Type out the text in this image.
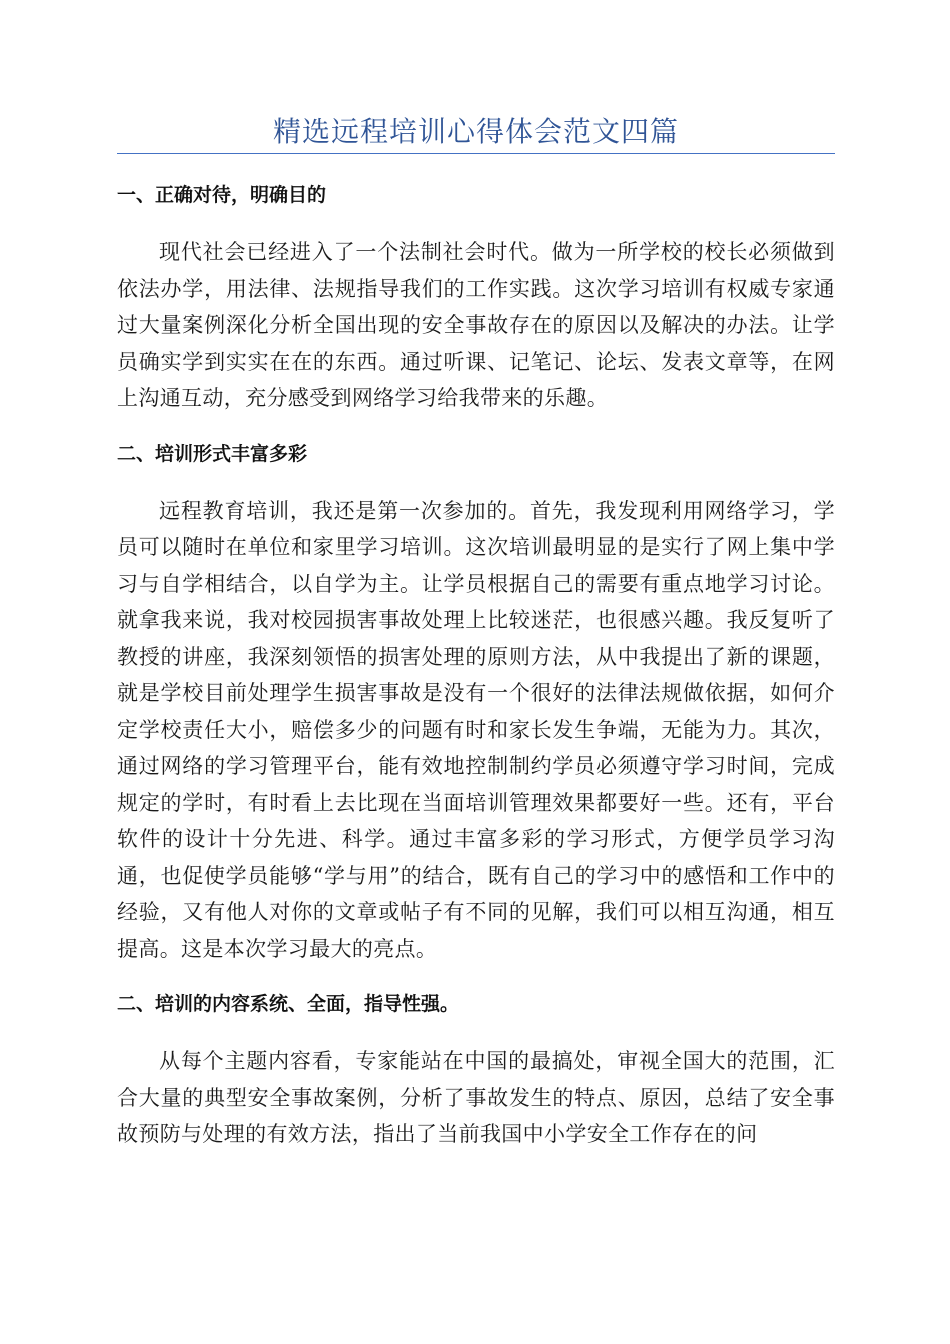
精选远程培训心得体会范文四篇
一、正确对待，明确目的

现代社会已经进入了一个法制社会时代。做为一所学校的校长必须做到依法办学，用法律、法规指导我们的工作实践。这次学习培训有权威专家通过大量案例深化分析全国出现的安全事故存在的原因以及解决的办法。让学员确实学到实实在在的东西。通过听课、记笔记、论坛、发表文章等，在网上沟通互动，充分感受到网络学习给我带来的乐趣。

二、培训形式丰富多彩

远程教育培训，我还是第一次参加的。首先，我发现利用网络学习，学员可以随时在单位和家里学习培训。这次培训最明显的是实行了网上集中学习与自学相结合，以自学为主。让学员根据自己的需要有重点地学习讨论。就拿我来说，我对校园损害事故处理上比较迷茫，也很感兴趣。我反复听了教授的讲座，我深刻领悟的损害处理的原则方法，从中我提出了新的课题，就是学校目前处理学生损害事故是没有一个很好的法律法规做依据，如何介定学校责任大小，赔偿多少的问题有时和家长发生争端，无能为力。其次，通过网络的学习管理平台，能有效地控制制约学员必须遵守学习时间，完成规定的学时，有时看上去比现在当面培训管理效果都要好一些。还有，平台软件的设计十分先进、科学。通过丰富多彩的学习形式，方便学员学习沟通，也促使学员能够“学与用”的结合，既有自己的学习中的感悟和工作中的经验，又有他人对你的文章或帖子有不同的见解，我们可以相互沟通，相互提高。这是本次学习最大的亮点。

二、培训的内容系统、全面，指导性强。

从每个主题内容看，专家能站在中国的最搞处，审视全国大的范围，汇合大量的典型安全事故案例，分析了事故发生的特点、原因，总结了安全事故预防与处理的有效方法，指出了当前我国中小学安全工作存在的问
